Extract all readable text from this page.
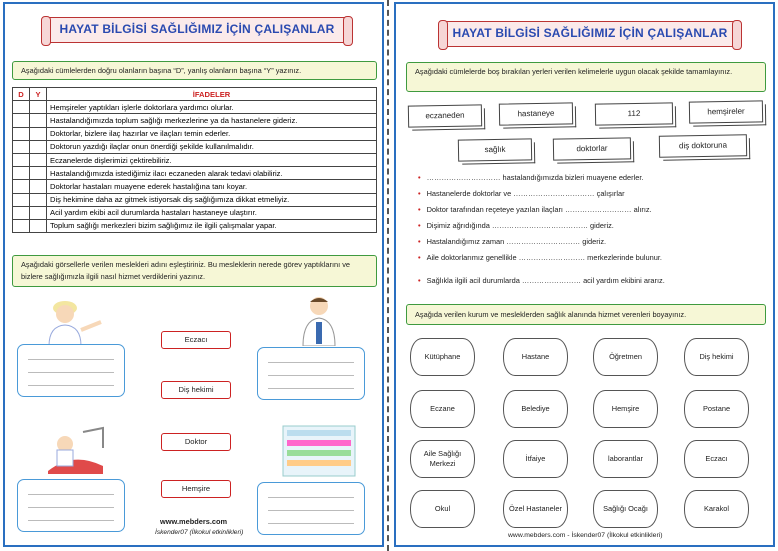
HAYAT BİLGİSİ SAĞLIĞIMIZ İÇİN ÇALIŞANLAR
Aşağıdaki cümlelerden doğru olanların başına “D”, yanlış olanların başına “Y” yazınız.
D	Y	İFADELER
		Hemşireler yaptıkları işlerle doktorlara yardımcı olurlar.
		Hastalandığımızda toplum sağlığı merkezlerine ya da hastanelere gideriz.
		Doktorlar, bizlere ilaç hazırlar ve ilaçları temin ederler.
		Doktorun yazdığı ilaçlar onun önerdiği şekilde kullanılmalıdır.
		Eczanelerde dişlerimizi çektirebiliriz.
		Hastalandığımızda istediğimiz ilacı eczaneden alarak tedavi olabiliriz.
		Doktorlar hastaları muayene ederek hastalığına tanı koyar.
		Diş hekimine daha az gitmek istiyorsak diş sağlığımıza dikkat etmeliyiz.
		Acil yardım ekibi acil durumlarda hastaları hastaneye ulaştırır.
		Toplum sağlığı merkezleri bizim sağlığımız ile ilgili çalışmalar yapar.
Aşağıdaki görsellerle verilen meslekleri adını eşleştiriniz. Bu mesleklerin nerede görev yaptıklarını ve bizlere sağlığımızla ilgili nasıl hizmet verdiklerini yazınız.
Eczacı
Diş hekimi
Doktor
Hemşire
www.mebders.com
İskender07 (İlkokul etkinlikleri)
HAYAT BİLGİSİ SAĞLIĞIMIZ İÇİN ÇALIŞANLAR
Aşağıdaki cümlelerde boş bırakılan yerleri verilen kelimelerle uygun olacak şekilde tamamlayınız.
eczaneden	hastaneye	112	hemşireler
sağlık	doktorlar	diş doktoruna
• ………………………… hastalandığımızda bizleri muayene ederler.
• Hastanelerde doktorlar ve …………………………… çalışırlar
• Doktor tarafından reçeteye yazılan ilaçları ……………………… alırız.
• Dişimiz ağrıdığında ………………………………… gideriz.
• Hastalandığımız zaman ………………………… gideriz.
• Aile doktorlarımız genellikle ……………………… merkezlerinde bulunur.
• Sağlıkla ilgili acil durumlarda …………………… acil yardım ekibini ararız.
Aşağıda verilen kurum ve mesleklerden sağlık alanında hizmet verenleri boyayınız.
Kütüphane	Hastane	Öğretmen	Diş hekimi
Eczane	Belediye	Hemşire	Postane
Aile Sağlığı Merkezi
İtfaiye	laborantlar	Eczacı
Okul	Özel Hastaneler	Sağlığı Ocağı	Karakol
www.mebders.com - İskender07 (İlkokul etkinlikleri)
